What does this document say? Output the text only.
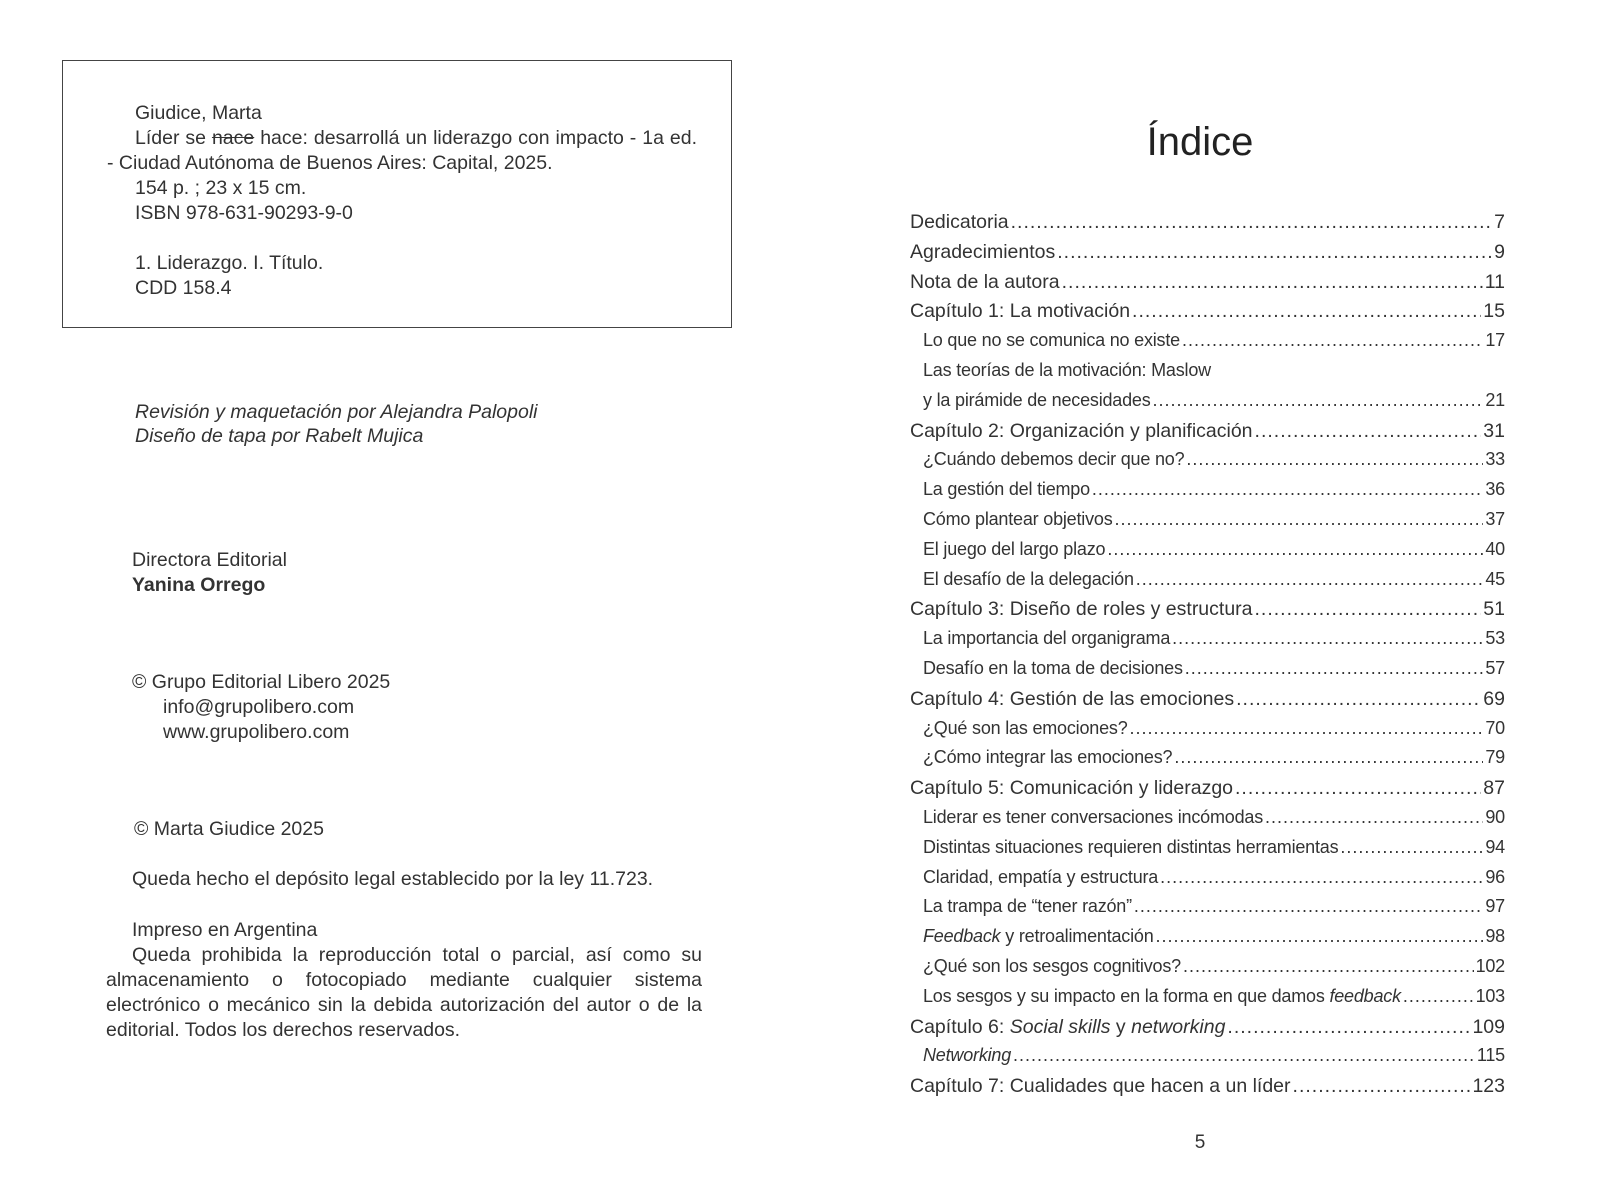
Giudice, Marta
Líder se nace hace: desarrollá un liderazgo con impacto - 1a ed. - Ciudad Autónoma de Buenos Aires: Capital, 2025.
154 p. ; 23 x 15 cm.
ISBN 978-631-90293-9-0
1. Liderazgo. I. Título.
CDD 158.4
Revisión y maquetación por Alejandra Palopoli
Diseño de tapa por Rabelt Mujica
Directora Editorial
Yanina Orrego
© Grupo Editorial Libero 2025
info@grupolibero.com
www.grupolibero.com
© Marta Giudice 2025
Queda hecho el depósito legal establecido por la ley 11.723.
Impreso en Argentina
Queda prohibida la reproducción total o parcial, así como su almacenamiento o fotocopiado mediante cualquier sistema electrónico o mecánico sin la debida autorización del autor o de la editorial. Todos los derechos reservados.
Índice
5
Dedicatoria .....	7
Agradecimientos .....	9
Nota de la autora .....	11
Capítulo 1: La motivación .....	15
Lo que no se comunica no existe .....	17
Las teorías de la motivación: Maslow
y la pirámide de necesidades .....	21
Capítulo 2: Organización y planificación .....	31
¿Cuándo debemos decir que no? .....	33
La gestión del tiempo .....	36
Cómo plantear objetivos .....	37
El juego del largo plazo .....	40
El desafío de la delegación .....	45
Capítulo 3: Diseño de roles y estructura .....	51
La importancia del organigrama .....	53
Desafío en la toma de decisiones .....	57
Capítulo 4: Gestión de las emociones .....	69
¿Qué son las emociones? .....	70
¿Cómo integrar las emociones? .....	79
Capítulo 5: Comunicación y liderazgo .....	87
Liderar es tener conversaciones incómodas .....	90
Distintas situaciones requieren distintas herramientas .....	94
Claridad, empatía y estructura .....	96
La trampa de “tener razón” .....	97
Feedback y retroalimentación .....	98
¿Qué son los sesgos cognitivos? .....	102
Los sesgos y su impacto en la forma en que damos feedback .....	103
Capítulo 6: Social skills y networking .....	109
Networking .....	115
Capítulo 7: Cualidades que hacen a un líder .....	123
